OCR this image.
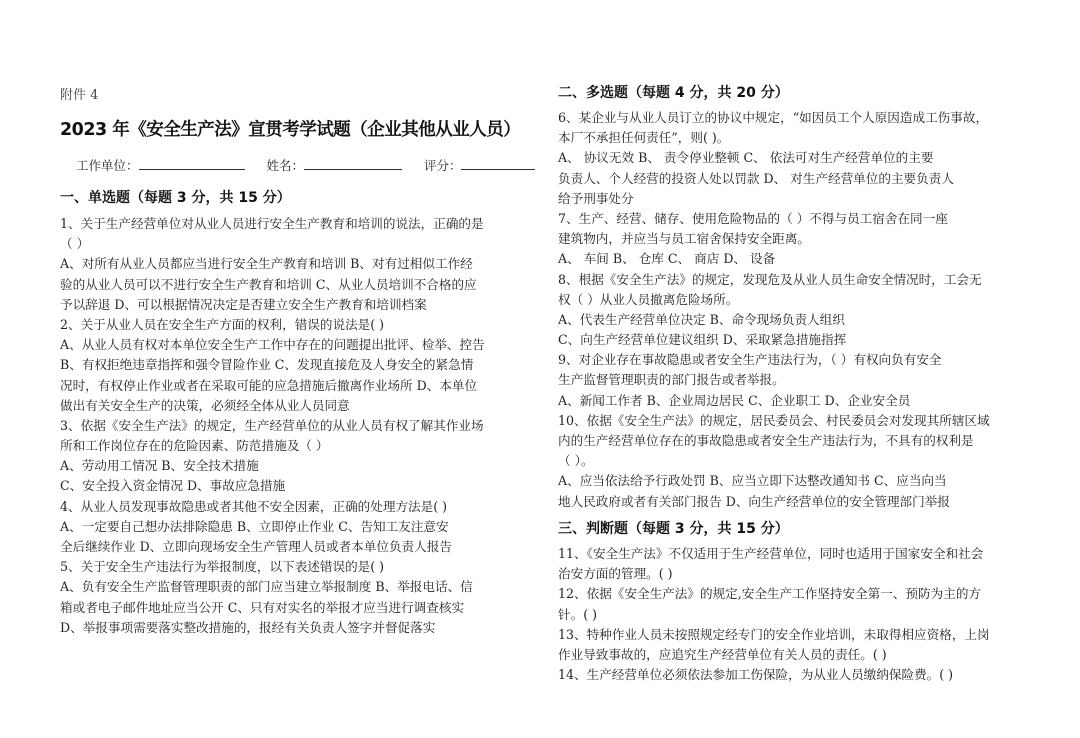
附件 4
2023 年《安全生产法》宣贯考学试题（企业其他从业人员）
工作单位：	姓名：	评分：
一、单选题（每题 3 分，共 15 分）
1、关于生产经营单位对从业人员进行安全生产教育和培训的说法，正确的是
（ ）
A、对所有从业人员都应当进行安全生产教育和培训 B、对有过相似工作经
验的从业人员可以不进行安全生产教育和培训 C、从业人员培训不合格的应
予以辞退 D、可以根据情况决定是否建立安全生产教育和培训档案
2、关于从业人员在安全生产方面的权利，错误的说法是( )
A、从业人员有权对本单位安全生产工作中存在的问题提出批评、检举、控告
B、有权拒绝违章指挥和强令冒险作业 C、发现直接危及人身安全的紧急情
况时，有权停止作业或者在采取可能的应急措施后撤离作业场所 D、本单位
做出有关安全生产的决策，必须经全体从业人员同意
3、依据《安全生产法》的规定，生产经营单位的从业人员有权了解其作业场
所和工作岗位存在的危险因素、防范措施及（ ）
A、劳动用工情况 B、安全技术措施
C、安全投入资金情况 D、事故应急措施
4、从业人员发现事故隐患或者其他不安全因素，正确的处理方法是( )
A、一定要自己想办法排除隐患 B、立即停止作业 C、告知工友注意安
全后继续作业 D、立即向现场安全生产管理人员或者本单位负责人报告
5、关于安全生产违法行为举报制度，以下表述错误的是( )
A、负有安全生产监督管理职责的部门应当建立举报制度 B、举报电话、信
箱或者电子邮件地址应当公开 C、只有对实名的举报才应当进行调查核实
D、举报事项需要落实整改措施的，报经有关负责人签字并督促落实
二、多选题（每题 4 分，共 20 分）
6、某企业与从业人员订立的协议中规定，“如因员工个人原因造成工伤事故，
本厂不承担任何责任”，则( )。
A、 协议无效 B、 责令停业整顿 C、 依法可对生产经营单位的主要
负责人、个人经营的投资人处以罚款 D、 对生产经营单位的主要负责人
给予刑事处分
7、生产、经营、储存、使用危险物品的（ ）不得与员工宿舍在同一座
建筑物内，并应当与员工宿舍保持安全距离。
A、 车间 B、 仓库 C、 商店 D、 设备
8、根据《安全生产法》的规定，发现危及从业人员生命安全情况时，工会无
权（ ）从业人员撤离危险场所。
A、代表生产经营单位决定 B、命令现场负责人组织
C、向生产经营单位建议组织 D、采取紧急措施指挥
9、对企业存在事故隐患或者安全生产违法行为，（ ）有权向负有安全
生产监督管理职责的部门报告或者举报。
A、新闻工作者 B、企业周边居民 C、企业职工 D、企业安全员
10、依据《安全生产法》的规定，居民委员会、村民委员会对发现其所辖区域
内的生产经营单位存在的事故隐患或者安全生产违法行为，不具有的权利是
（ ）。
A、应当依法给予行政处罚 B、应当立即下达整改通知书 C、应当向当
地人民政府或者有关部门报告 D、向生产经营单位的安全管理部门举报
三、判断题（每题 3 分，共 15 分）
11、《安全生产法》不仅适用于生产经营单位，同时也适用于国家安全和社会
治安方面的管理。( )
12、依据《安全生产法》的规定,安全生产工作坚持安全第一、预防为主的方
针。( )
13、特种作业人员未按照规定经专门的安全作业培训，未取得相应资格，上岗
作业导致事故的，应追究生产经营单位有关人员的责任。( )
14、生产经营单位必须依法参加工伤保险，为从业人员缴纳保险费。( )
